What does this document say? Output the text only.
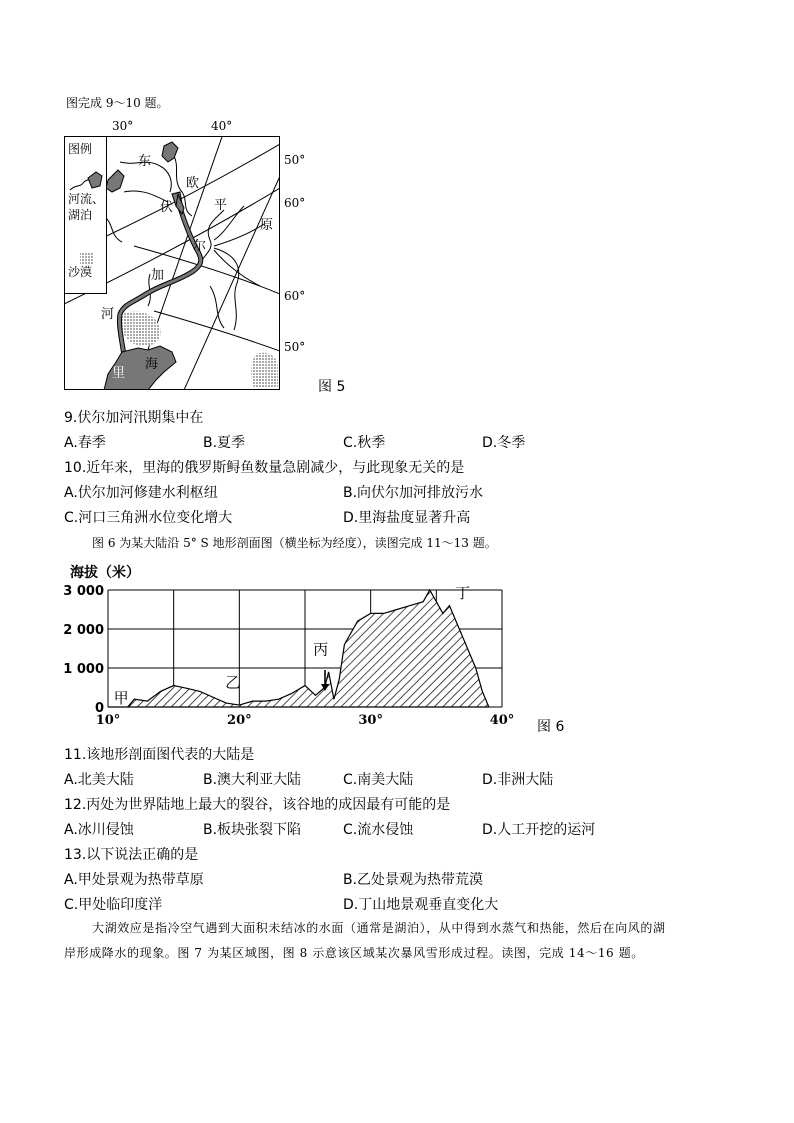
图完成 9～10 题。
30°	40°
50°
60°
60°
50°
图例
河流、
湖泊
沙漠
东
欧
平
原
伏
尔
加
河
里
海
图 5
9.伏尔加河汛期集中在
A.春季	B.夏季	C.秋季	D.冬季
10.近年来，里海的俄罗斯鲟鱼数量急剧减少，与此现象无关的是
A.伏尔加河修建水利枢纽	B.向伏尔加河排放污水
C.河口三角洲水位变化增大	D.里海盐度显著升高
图 6 为某大陆沿 5° S 地形剖面图（横坐标为经度），读图完成 11～13 题。
海拔（米）
3 000
2 000
1 000
0
10°	20°	30°	40°
甲
乙
丙
丁
图 6
11.该地形剖面图代表的大陆是
A.北美大陆	B.澳大利亚大陆	C.南美大陆	D.非洲大陆
12.丙处为世界陆地上最大的裂谷，该谷地的成因最有可能的是
A.冰川侵蚀	B.板块张裂下陷	C.流水侵蚀	D.人工开挖的运河
13.以下说法正确的是
A.甲处景观为热带草原	B.乙处景观为热带荒漠
C.甲处临印度洋	D.丁山地景观垂直变化大
大湖效应是指冷空气遇到大面积未结冰的水面（通常是湖泊），从中得到水蒸气和热能，然后在向风的湖
岸形成降水的现象。图 7 为某区域图，图 8 示意该区域某次暴风雪形成过程。读图，完成 14～16 题。
